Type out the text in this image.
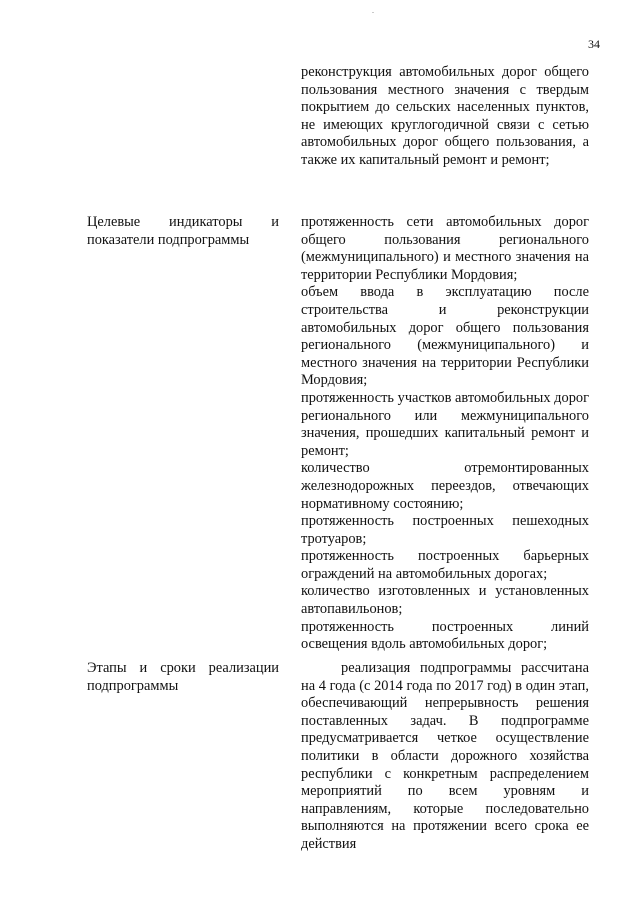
.
34

реконструкция автомобильных дорог общего пользования местного значения с твердым покрытием до сельских населенных пунктов, не имеющих круглогодичной связи с сетью автомобильных дорог общего пользования, а также их капитальный ремонт и ремонт;

Целевые индикаторы и показатели подпрограммы

протяженность сети автомобильных дорог общего пользования регионального (межмуниципального) и местного значения на территории Республики Мордовия;

объем ввода в эксплуатацию после строительства и реконструкции автомобильных дорог общего пользования регионального (межмуниципального) и местного значения на территории Республики Мордовия;

протяженность участков автомобильных дорог регионального или межмуниципального значения, прошедших капитальный ремонт и ремонт;

количество отремонтированных железнодорожных переездов, отвечающих нормативному состоянию;

протяженность построенных пешеходных тротуаров;

протяженность построенных барьерных ограждений на автомобильных дорогах;

количество изготовленных и установленных автопавильонов;

протяженность построенных линий освещения вдоль автомобильных дорог;

Этапы и сроки реализации подпрограммы

реализация подпрограммы рассчитана на 4 года (с 2014 года по 2017 год) в один этап, обеспечивающий непрерывность решения поставленных задач. В подпрограмме предусматривается четкое осуществление политики в области дорожного хозяйства республики с конкретным распределением мероприятий по всем уровням и направлениям, которые последовательно выполняются на протяжении всего срока ее действия
